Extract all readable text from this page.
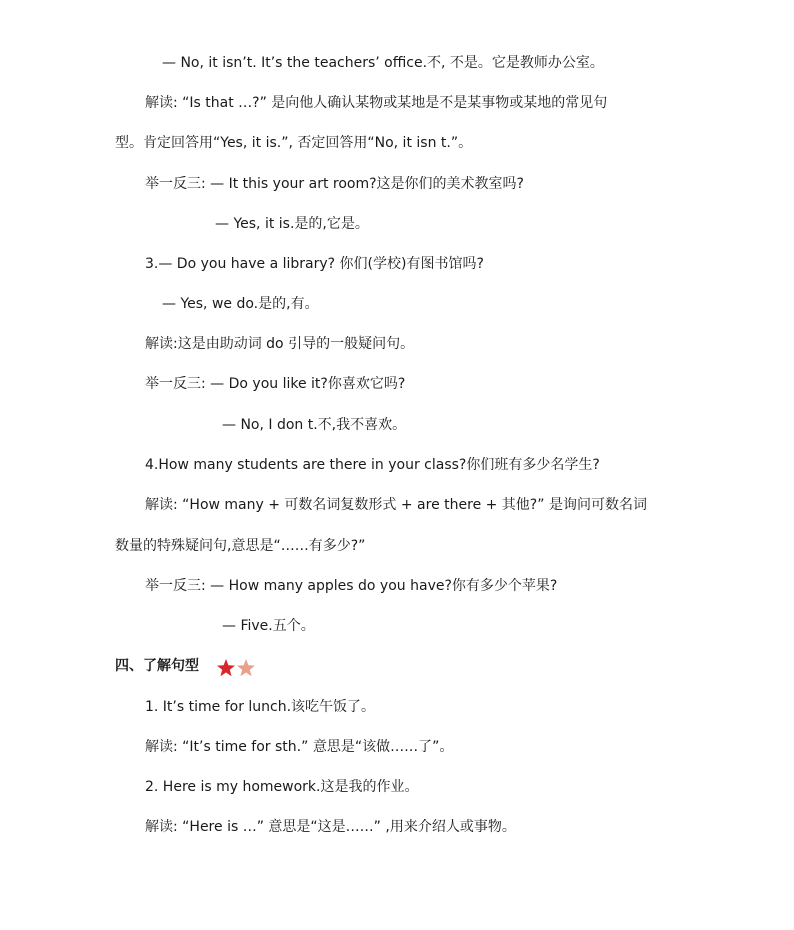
— No, it isn’t. It’s the teachers’ office.不, 不是。它是教师办公室。
解读: “Is that …?” 是向他人确认某物或某地是不是某事物或某地的常见句
型。肯定回答用“Yes, it is.”, 否定回答用“No, it isn t.”。
举一反三: — It this your art room?这是你们的美术教室吗?
— Yes, it is.是的,它是。
3.— Do you have a library? 你们(学校)有图书馆吗?
— Yes, we do.是的,有。
解读:这是由助动词 do 引导的一般疑问句。
举一反三: — Do you like it?你喜欢它吗?
— No, I don t.不,我不喜欢。
4.How many students are there in your class?你们班有多少名学生?
解读: “How many + 可数名词复数形式 + are there + 其他?” 是询问可数名词
数量的特殊疑问句,意思是“……有多少?”
举一反三: — How many apples do you have?你有多少个苹果?
— Five.五个。
四、了解句型
1. It’s time for lunch.该吃午饭了。
解读: “It’s time for sth.” 意思是“该做……了”。
2. Here is my homework.这是我的作业。
解读: “Here is …” 意思是“这是……” ,用来介绍人或事物。
